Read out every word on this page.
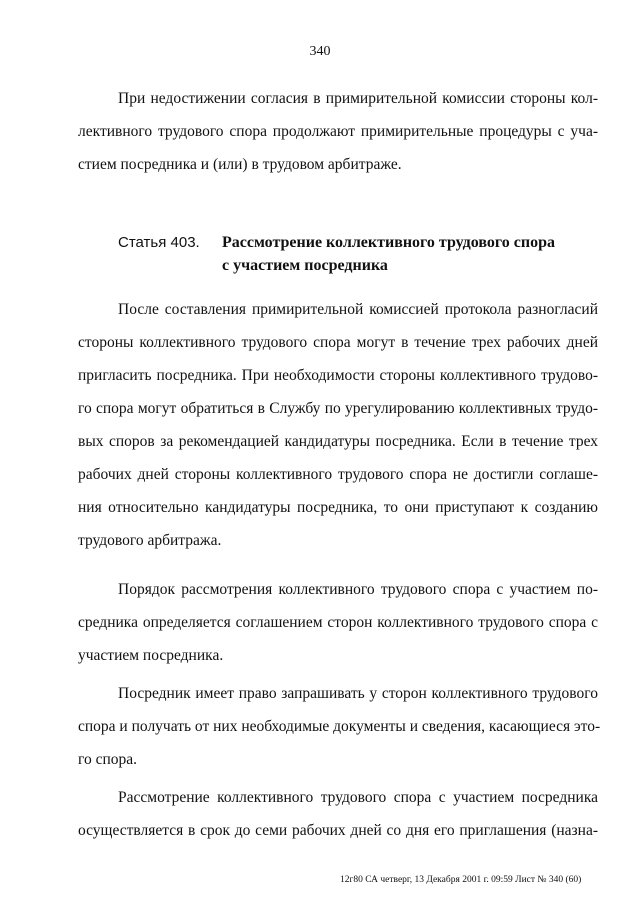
340
При недостижении согласия в примирительной комиссии стороны кол-
лективного трудового спора продолжают примирительные процедуры с уча-
стием посредника и (или) в трудовом арбитраже.
Статья 403. Рассмотрение коллективного трудового спора
с участием посредника
После составления примирительной комиссией протокола разногласий
стороны коллективного трудового спора могут в течение трех рабочих дней
пригласить посредника. При необходимости стороны коллективного трудово-
го спора могут обратиться в Службу по урегулированию коллективных трудо-
вых споров за рекомендацией кандидатуры посредника. Если в течение трех
рабочих дней стороны коллективного трудового спора не достигли соглаше-
ния относительно кандидатуры посредника, то они приступают к созданию
трудового арбитража.
Порядок рассмотрения коллективного трудового спора с участием по-
средника определяется соглашением сторон коллективного трудового спора с
участием посредника.
Посредник имеет право запрашивать у сторон коллективного трудового
спора и получать от них необходимые документы и сведения, касающиеся это-
го спора.
Рассмотрение коллективного трудового спора с участием посредника
осуществляется в срок до семи рабочих дней со дня его приглашения (назна-
12г80 СА четверг, 13 Декабря 2001 г. 09:59 Лист № 340 (60)
